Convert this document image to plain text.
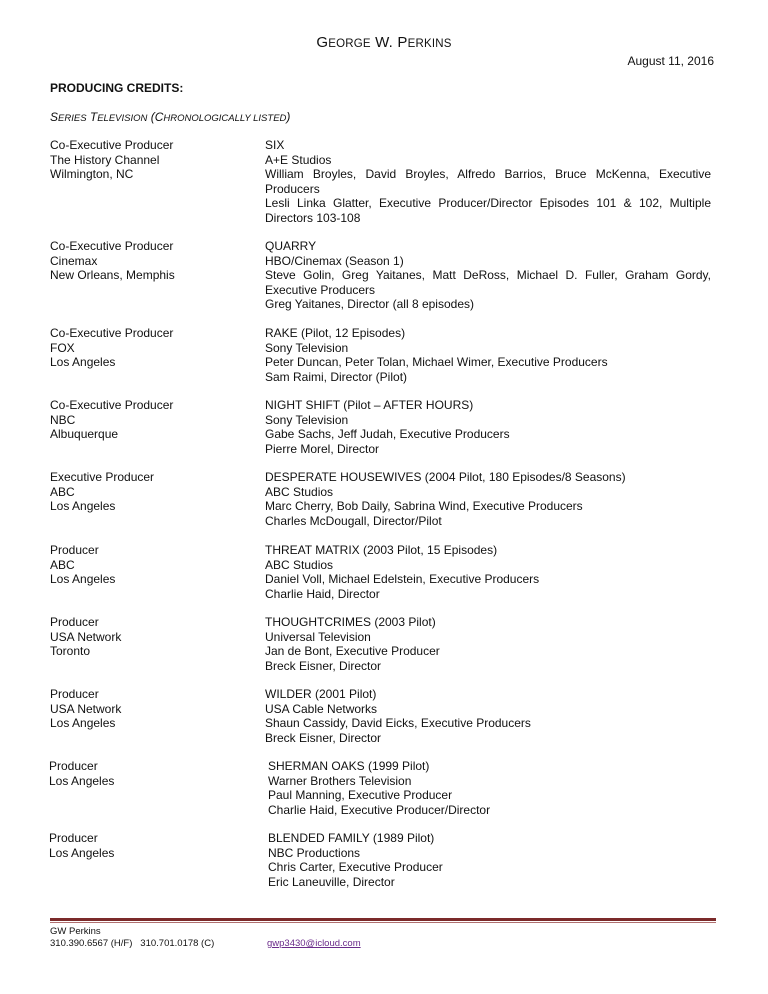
GEORGE W. PERKINS
August 11, 2016
PRODUCING CREDITS:
SERIES TELEVISION (CHRONOLOGICALLY LISTED)
Co-Executive Producer
The History Channel
Wilmington, NC
SIX
A+E Studios
William Broyles, David Broyles, Alfredo Barrios, Bruce McKenna, Executive Producers
Lesli Linka Glatter, Executive Producer/Director Episodes 101 & 102, Multiple Directors 103-108
Co-Executive Producer
Cinemax
New Orleans, Memphis
QUARRY
HBO/Cinemax (Season 1)
Steve Golin, Greg Yaitanes, Matt DeRoss, Michael D. Fuller, Graham Gordy, Executive Producers
Greg Yaitanes, Director (all 8 episodes)
Co-Executive Producer
FOX
Los Angeles
RAKE (Pilot, 12 Episodes)
Sony Television
Peter Duncan, Peter Tolan, Michael Wimer, Executive Producers
Sam Raimi, Director (Pilot)
Co-Executive Producer
NBC
Albuquerque
NIGHT SHIFT (Pilot – AFTER HOURS)
Sony Television
Gabe Sachs, Jeff Judah, Executive Producers
Pierre Morel, Director
Executive Producer
ABC
Los Angeles
DESPERATE HOUSEWIVES (2004 Pilot, 180 Episodes/8 Seasons)
ABC Studios
Marc Cherry, Bob Daily, Sabrina Wind, Executive Producers
Charles McDougall, Director/Pilot
Producer
ABC
Los Angeles
THREAT MATRIX (2003 Pilot, 15 Episodes)
ABC Studios
Daniel Voll, Michael Edelstein, Executive Producers
Charlie Haid, Director
Producer
USA Network
Toronto
THOUGHTCRIMES (2003 Pilot)
Universal Television
Jan de Bont, Executive Producer
Breck Eisner, Director
Producer
USA Network
Los Angeles
WILDER (2001 Pilot)
USA Cable Networks
Shaun Cassidy, David Eicks, Executive Producers
Breck Eisner, Director
Producer
Los Angeles
SHERMAN OAKS (1999 Pilot)
Warner Brothers Television
Paul Manning, Executive Producer
Charlie Haid, Executive Producer/Director
Producer
Los Angeles
BLENDED FAMILY (1989 Pilot)
NBC Productions
Chris Carter, Executive Producer
Eric Laneuville, Director
GW Perkins
310.390.6567 (H/F)   310.701.0178 (C)	gwp3430@icloud.com
